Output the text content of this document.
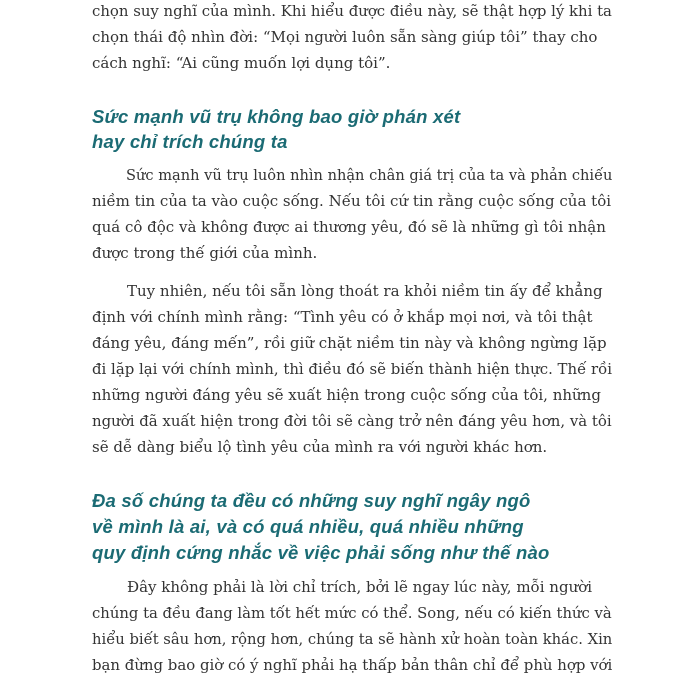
chọn suy nghĩ của mình. Khi hiểu được điều này, sẽ thật hợp lý khi ta
chọn thái độ nhìn đời: “Mọi người luôn sẵn sàng giúp tôi” thay cho
cách nghĩ: “Ai cũng muốn lợi dụng tôi”.

Sức mạnh vũ trụ không bao giờ phán xét
hay chỉ trích chúng ta

Sức mạnh vũ trụ luôn nhìn nhận chân giá trị của ta và phản chiếu
niềm tin của ta vào cuộc sống. Nếu tôi cứ tin rằng cuộc sống của tôi
quá cô độc và không được ai thương yêu, đó sẽ là những gì tôi nhận
được trong thế giới của mình.

Tuy nhiên, nếu tôi sẵn lòng thoát ra khỏi niềm tin ấy để khẳng
định với chính mình rằng: “Tình yêu có ở khắp mọi nơi, và tôi thật
đáng yêu, đáng mến”, rồi giữ chặt niềm tin này và không ngừng lặp
đi lặp lại với chính mình, thì điều đó sẽ biến thành hiện thực. Thế rồi
những người đáng yêu sẽ xuất hiện trong cuộc sống của tôi, những
người đã xuất hiện trong đời tôi sẽ càng trở nên đáng yêu hơn, và tôi
sẽ dễ dàng biểu lộ tình yêu của mình ra với người khác hơn.

Đa số chúng ta đều có những suy nghĩ ngây ngô
về mình là ai, và có quá nhiều, quá nhiều những
quy định cứng nhắc về việc phải sống như thế nào

Đây không phải là lời chỉ trích, bởi lẽ ngay lúc này, mỗi người
chúng ta đều đang làm tốt hết mức có thể. Song, nếu có kiến thức và
hiểu biết sâu hơn, rộng hơn, chúng ta sẽ hành xử hoàn toàn khác. Xin
bạn đừng bao giờ có ý nghĩ phải hạ thấp bản thân chỉ để phù hợp với
